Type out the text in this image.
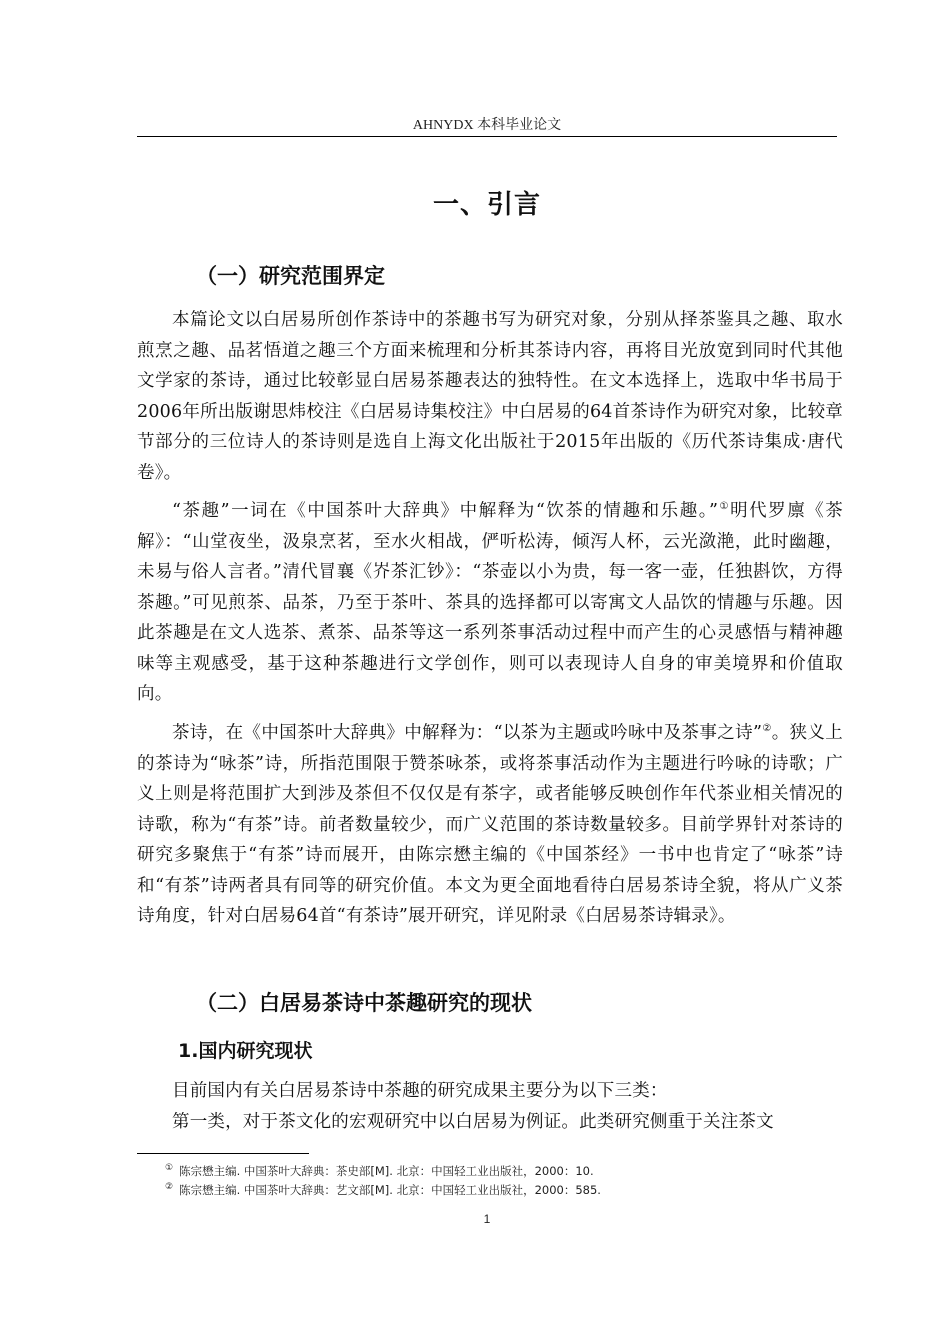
AHNYDX 本科毕业论文
一、引言
（一）研究范围界定

本篇论文以白居易所创作茶诗中的茶趣书写为研究对象，分别从择茶鉴具之趣、取水煎烹之趣、品茗悟道之趣三个方面来梳理和分析其茶诗内容，再将目光放宽到同时代其他文学家的茶诗，通过比较彰显白居易茶趣表达的独特性。在文本选择上，选取中华书局于2006年所出版谢思炜校注《白居易诗集校注》中白居易的64首茶诗作为研究对象，比较章节部分的三位诗人的茶诗则是选自上海文化出版社于2015年出版的《历代茶诗集成·唐代卷》。

“茶趣”一词在《中国茶叶大辞典》中解释为“饮茶的情趣和乐趣。”①明代罗廪《茶解》：“山堂夜坐，汲泉烹茗，至水火相战，俨听松涛，倾泻人杯，云光潋滟，此时幽趣，未易与俗人言者。”清代冒襄《岕茶汇钞》：“茶壶以小为贵，每一客一壶，任独斟饮，方得茶趣。”可见煎茶、品茶，乃至于茶叶、茶具的选择都可以寄寓文人品饮的情趣与乐趣。因此茶趣是在文人选茶、煮茶、品茶等这一系列茶事活动过程中而产生的心灵感悟与精神趣味等主观感受，基于这种茶趣进行文学创作，则可以表现诗人自身的审美境界和价值取向。

茶诗，在《中国茶叶大辞典》中解释为：“以茶为主题或吟咏中及茶事之诗”②。狭义上的茶诗为“咏茶”诗，所指范围限于赞茶咏茶，或将茶事活动作为主题进行吟咏的诗歌；广义上则是将范围扩大到涉及茶但不仅仅是有茶字，或者能够反映创作年代茶业相关情况的诗歌，称为“有茶”诗。前者数量较少，而广义范围的茶诗数量较多。目前学界针对茶诗的研究多聚焦于“有茶”诗而展开，由陈宗懋主编的《中国茶经》一书中也肯定了“咏茶”诗和“有茶”诗两者具有同等的研究价值。本文为更全面地看待白居易茶诗全貌，将从广义茶诗角度，针对白居易64首“有茶诗”展开研究，详见附录《白居易茶诗辑录》。

（二）白居易茶诗中茶趣研究的现状
1.国内研究现状

目前国内有关白居易茶诗中茶趣的研究成果主要分为以下三类：

第一类，对于茶文化的宏观研究中以白居易为例证。此类研究侧重于关注茶文

① 陈宗懋主编. 中国茶叶大辞典：茶史部[M]. 北京：中国轻工业出版社，2000：10.
② 陈宗懋主编. 中国茶叶大辞典：艺文部[M]. 北京：中国轻工业出版社，2000：585.
1
